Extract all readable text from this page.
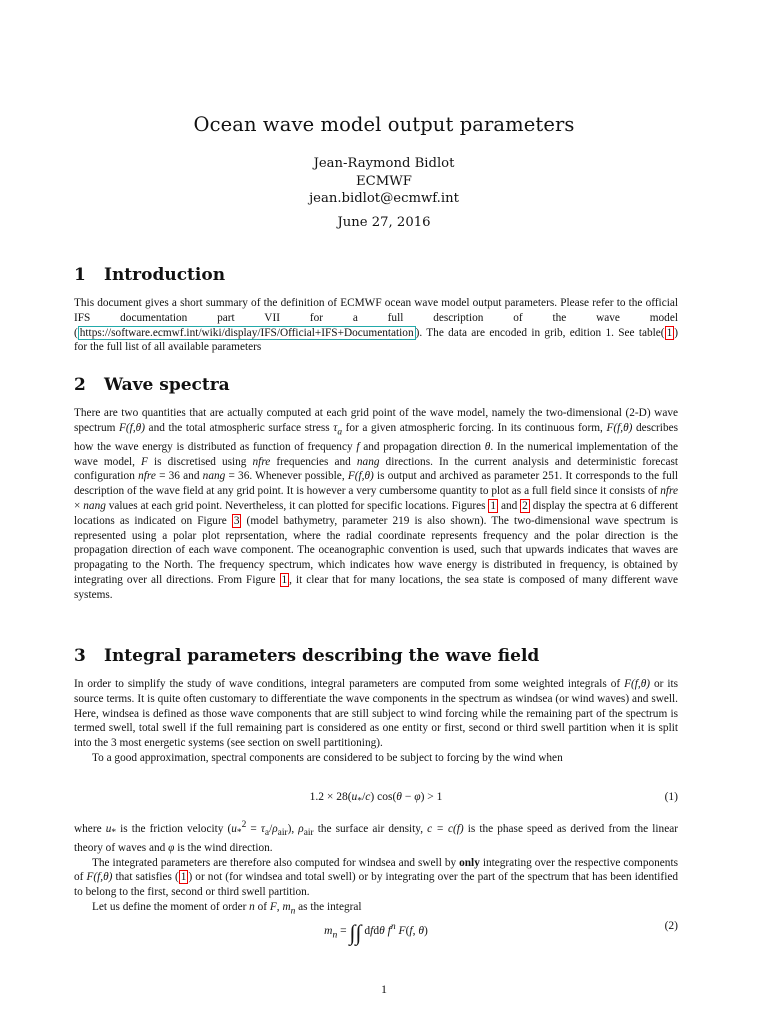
Ocean wave model output parameters
Jean-Raymond Bidlot
ECMWF
jean.bidlot@ecmwf.int
June 27, 2016
1 Introduction

This document gives a short summary of the definition of ECMWF ocean wave model output parameters. Please refer to the official IFS documentation part VII for a full description of the wave model ( https://software.ecmwf.int/wiki/display/IFS/Official+IFS+Documentation ). The data are encoded in grib, edition 1. See table( 1 ) for the full list of all available parameters

2 Wave spectra

There are two quantities that are actually computed at each grid point of the wave model, namely the two-dimensional (2-D) wave spectrum F(f,θ) and the total atmospheric surface stress $\tau_a$ for a given atmospheric forcing. In its continuous form, F(f,θ) describes how the wave energy is distributed as function of frequency f and propagation direction θ. In the numerical implementation of the wave model, F is discretised using nfre frequencies and nang directions. In the current analysis and deterministic forecast configuration nfre = 36 and nang = 36. Whenever possible, F(f,θ) is output and archived as parameter 251. It corresponds to the full description of the wave field at any grid point. It is however a very cumbersome quantity to plot as a full field since it consists of nfre × nang values at each grid point. Nevertheless, it can plotted for specific locations. Figures 1 and 2 display the spectra at 6 different locations as indicated on Figure 3 (model bathymetry, parameter 219 is also shown). The two-dimensional wave spectrum is represented using a polar plot reprsentation, where the radial coordinate represents frequency and the polar direction is the propagation direction of each wave component. The oceanographic convention is used, such that upwards indicates that waves are propagating to the North. The frequency spectrum, which indicates how wave energy is distributed in frequency, is obtained by integrating over all directions. From Figure 1 , it clear that for many locations, the sea state is composed of many different wave systems.

3 Integral parameters describing the wave field

In order to simplify the study of wave conditions, integral parameters are computed from some weighted integrals of F(f,θ) or its source terms. It is quite often customary to differentiate the wave components in the spectrum as windsea (or wind waves) and swell. Here, windsea is defined as those wave components that are still subject to wind forcing while the remaining part of the spectrum is termed swell, total swell if the full remaining part is considered as one entity or first, second or third swell partition when it is split into the 3 most energetic systems (see section on swell partitioning).

To a good approximation, spectral components are considered to be subject to forcing by the wind when

$1.2 \times 28(u_*/c) \cos(\theta - \varphi) > 1$	(1)

where $u_*$ is the friction velocity $(u_*^2 = \tau_a/\rho_{air})$, $\rho_{air}$ the surface air density, c = c(f) is the phase speed as derived from the linear theory of waves and φ is the wind direction.

The integrated parameters are therefore also computed for windsea and swell by only integrating over the respective components of F(f,θ) that satisfies ( 1 ) or not (for windsea and total swell) or by integrating over the part of the spectrum that has been identified to belong to the first, second or third swell partition.

Let us define the moment of order n of F, $m_n$ as the integral

$m_n$ = ∫∫ dfdθ $f^n$ F(f, θ)	(2)
1
